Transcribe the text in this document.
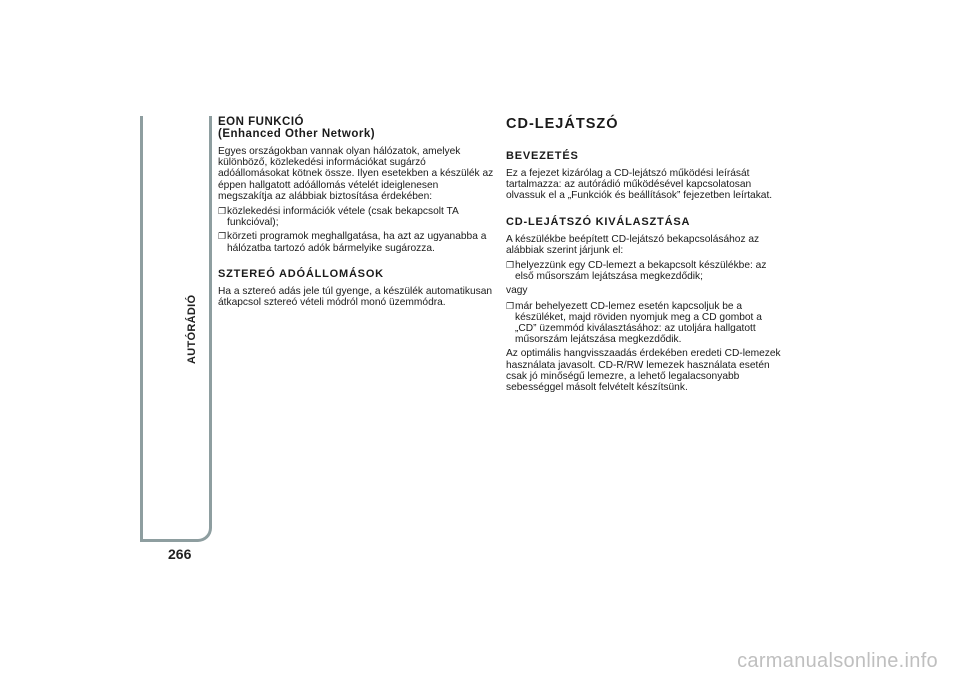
AUTÓRÁDIÓ
266
EON FUNKCIÓ
(Enhanced Other Network)

Egyes országokban vannak olyan hálózatok, amelyek különböző, közlekedési információkat sugárzó adóállomásokat kötnek össze. Ilyen esetekben a készülék az éppen hallgatott adóállomás vételét ideiglenesen megszakítja az alábbiak biztosítása érdekében:

❐ közlekedési információk vétele (csak bekapcsolt TA funkcióval);
❐ körzeti programok meghallgatása, ha azt az ugyanabba a hálózatba tartozó adók bármelyike sugározza.
SZTEREÓ ADÓÁLLOMÁSOK

Ha a sztereó adás jele túl gyenge, a készülék automatikusan átkapcsol sztereó vételi módról monó üzemmódra.

CD-LEJÁTSZÓ
BEVEZETÉS

Ez a fejezet kizárólag a CD-lejátszó működési leírását tartalmazza: az autórádió működésével kapcsolatosan olvassuk el a „Funkciók és beállítások” fejezetben leírtakat.

CD-LEJÁTSZÓ KIVÁLASZTÁSA

A készülékbe beépített CD-lejátszó bekapcsolásához az alábbiak szerint járjunk el:

❐ helyezzünk egy CD-lemezt a bekapcsolt készülékbe: az első műsorszám lejátszása megkezdődik;

vagy

❐ már behelyezett CD-lemez esetén kapcsoljuk be a készüléket, majd röviden nyomjuk meg a CD gombot a „CD” üzemmód kiválasztásához: az utoljára hallgatott műsorszám lejátszása megkezdődik.

Az optimális hangvisszaadás érdekében eredeti CD-lemezek használata javasolt. CD-R/RW lemezek használata esetén csak jó minőségű lemezre, a lehető legalacsonyabb sebességgel másolt felvételt készítsünk.

carmanualsonline.info
